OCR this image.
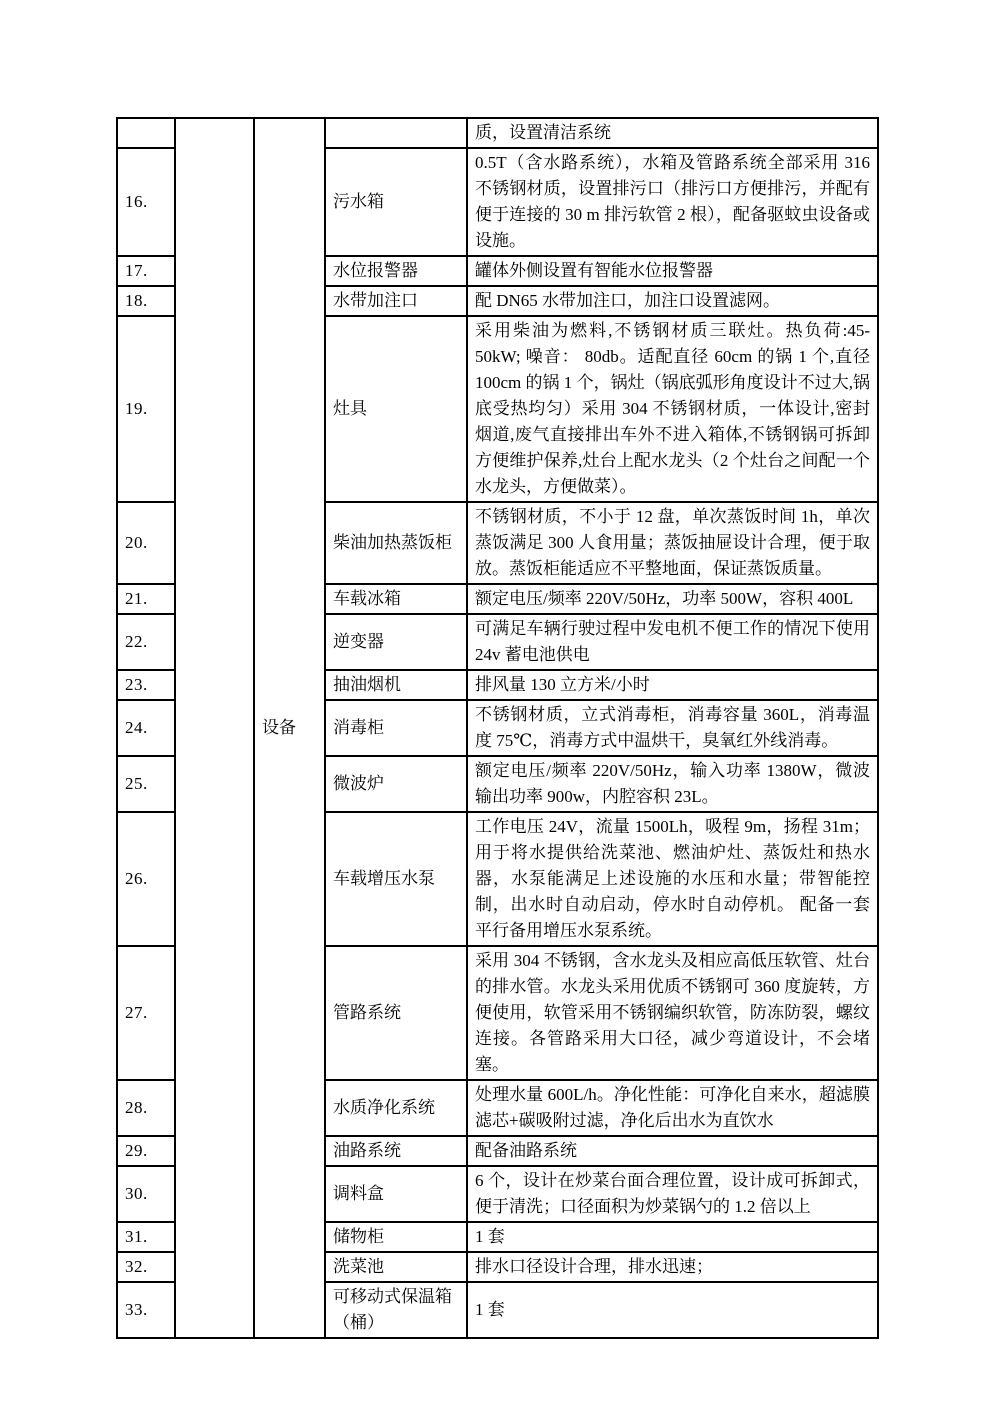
		设备		质，设置清洁系统
16.			污水箱	0.5T（含水路系统），水箱及管路系统全部采用 316 不锈钢材质，设置排污口（排污口方便排污，并配有便于连接的 30 m 排污软管 2 根），配备驱蚊虫设备或设施。
17.			水位报警器	罐体外侧设置有智能水位报警器
18.			水带加注口	配 DN65 水带加注口，加注口设置滤网。
19.			灶具	采用柴油为燃料,不锈钢材质三联灶。热负荷:45-50kW; 噪音： 80db。适配直径 60cm 的锅 1 个,直径 100cm 的锅 1 个，锅灶（锅底弧形角度设计不过大,锅底受热均匀）采用 304 不锈钢材质，一体设计,密封烟道,废气直接排出车外不进入箱体,不锈钢锅可拆卸方便维护保养,灶台上配水龙头（2 个灶台之间配一个水龙头，方便做菜）。
20.			柴油加热蒸饭柜	不锈钢材质，不小于 12 盘，单次蒸饭时间 1h，单次蒸饭满足 300 人食用量；蒸饭抽屉设计合理，便于取放。蒸饭柜能适应不平整地面，保证蒸饭质量。
21.			车载冰箱	额定电压/频率 220V/50Hz，功率 500W，容积 400L
22.			逆变器	可满足车辆行驶过程中发电机不便工作的情况下使用 24v 蓄电池供电
23.			抽油烟机	排风量 130 立方米/小时
24.			消毒柜	不锈钢材质，立式消毒柜，消毒容量 360L，消毒温度 75℃，消毒方式中温烘干，臭氧红外线消毒。
25.			微波炉	额定电压/频率 220V/50Hz，输入功率 1380W，微波输出功率 900w，内腔容积 23L。
26.			车载增压水泵	工作电压 24V，流量 1500Lh，吸程 9m，扬程 31m；用于将水提供给洗菜池、燃油炉灶、蒸饭灶和热水器，水泵能满足上述设施的水压和水量；带智能控制，出水时自动启动，停水时自动停机。 配备一套平行备用增压水泵系统。
27.			管路系统	采用 304 不锈钢，含水龙头及相应高低压软管、灶台的排水管。水龙头采用优质不锈钢可 360 度旋转，方便使用，软管采用不锈钢编织软管，防冻防裂，螺纹连接。各管路采用大口径，减少弯道设计，不会堵塞。
28.			水质净化系统	处理水量 600L/h。净化性能：可净化自来水，超滤膜滤芯+碳吸附过滤，净化后出水为直饮水
29.			油路系统	配备油路系统
30.			调料盒	6 个，设计在炒菜台面合理位置，设计成可拆卸式，便于清洗；口径面积为炒菜锅勺的 1.2 倍以上
31.			储物柜	1 套
32.			洗菜池	排水口径设计合理，排水迅速；
33.			可移动式保温箱（桶）	1 套
